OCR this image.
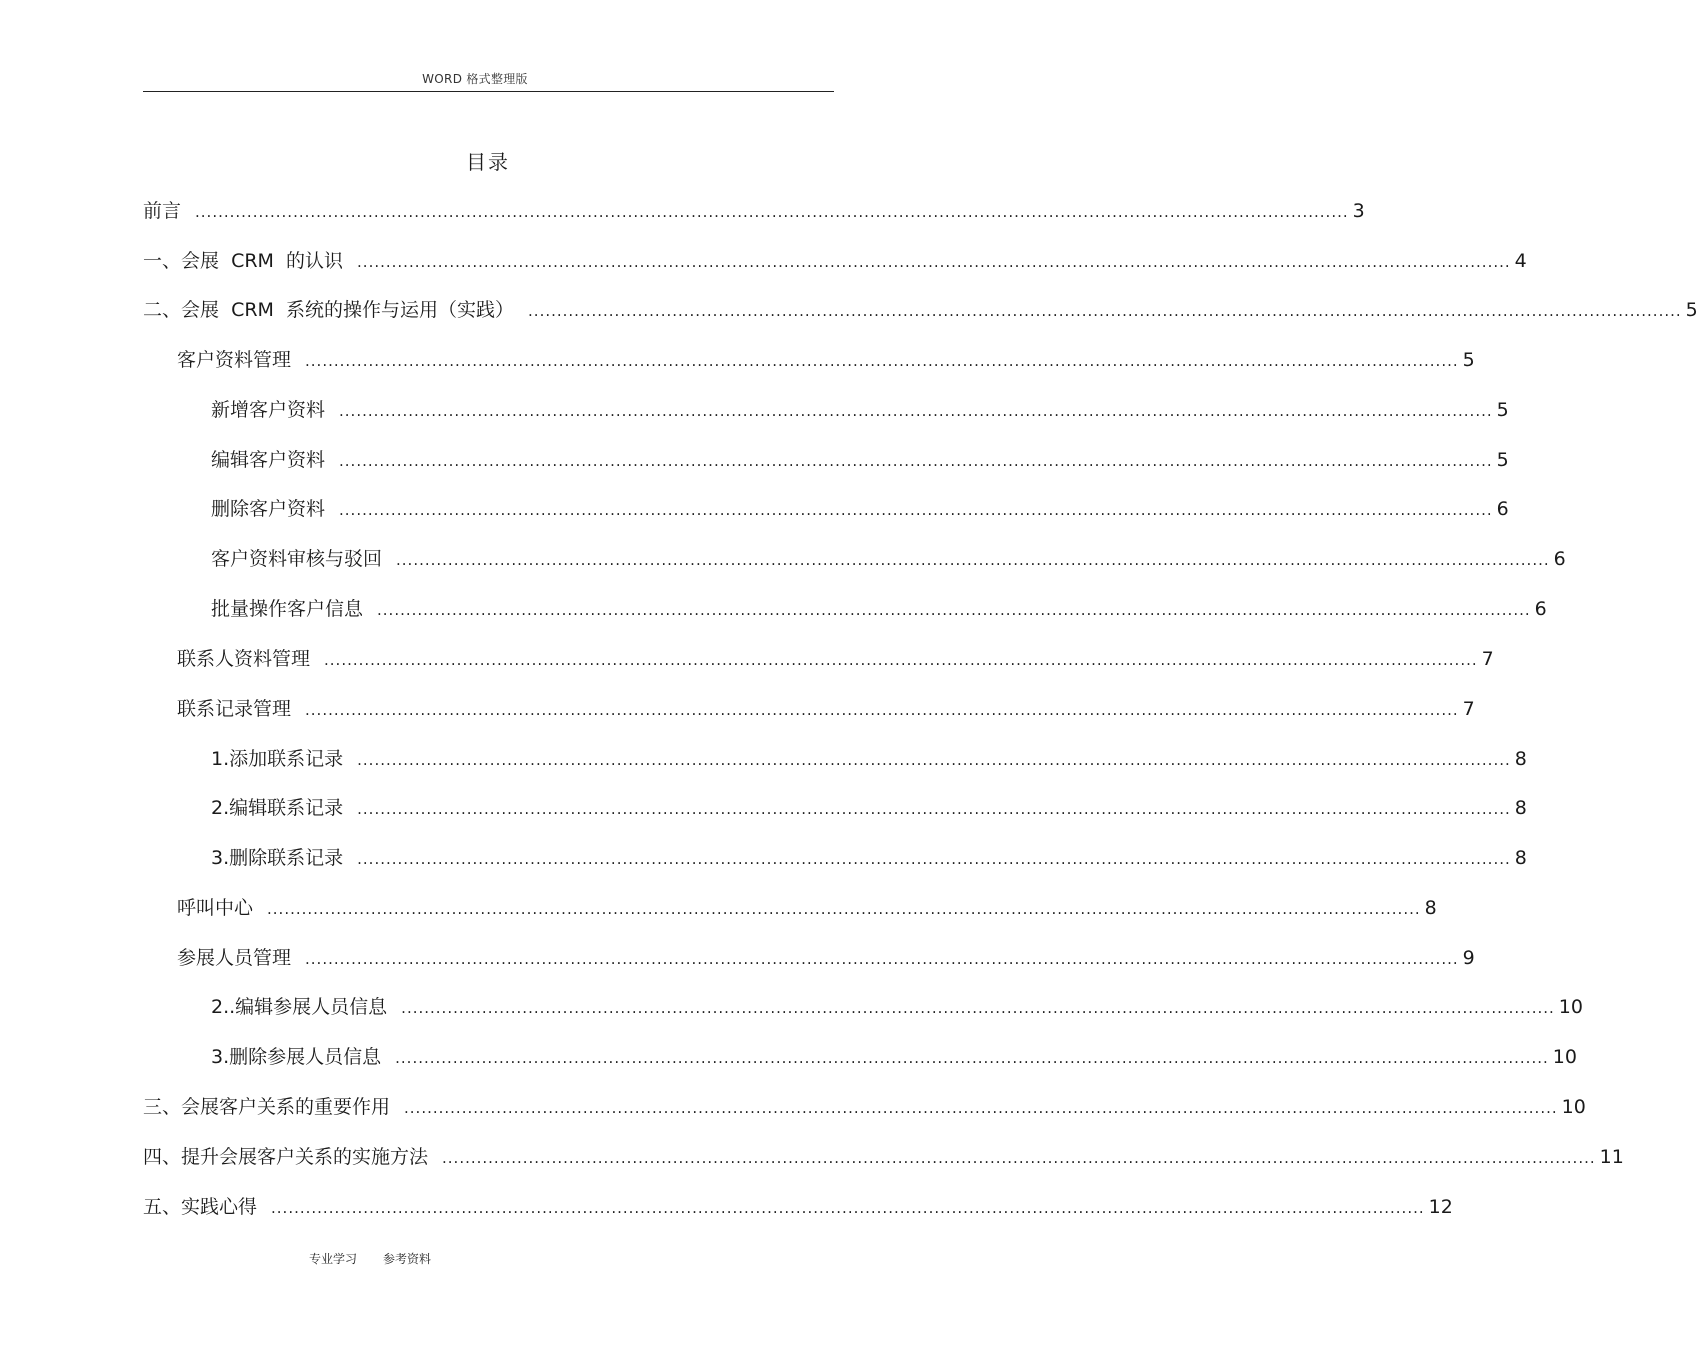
WORD 格式整理版
目录
前言 ........................................................................................................................................................................................................ 3
一、会展  CRM  的认识 ........................................................................................................................................................................................................ 4
二、会展  CRM  系统的操作与运用（实践） ........................................................................................................................................................................................................ 5
客户资料管理 ........................................................................................................................................................................................................ 5
新增客户资料 ........................................................................................................................................................................................................ 5
编辑客户资料 ........................................................................................................................................................................................................ 5
删除客户资料 ........................................................................................................................................................................................................ 6
客户资料审核与驳回 ........................................................................................................................................................................................................ 6
批量操作客户信息 ........................................................................................................................................................................................................ 6
联系人资料管理 ........................................................................................................................................................................................................ 7
联系记录管理 ........................................................................................................................................................................................................ 7
1.添加联系记录 ........................................................................................................................................................................................................ 8
2.编辑联系记录 ........................................................................................................................................................................................................ 8
3.删除联系记录 ........................................................................................................................................................................................................ 8
呼叫中心 ........................................................................................................................................................................................................ 8
参展人员管理 ........................................................................................................................................................................................................ 9
2..编辑参展人员信息 ........................................................................................................................................................................................................ 10
3.删除参展人员信息 ........................................................................................................................................................................................................ 10
三、会展客户关系的重要作用 ........................................................................................................................................................................................................ 10
四、提升会展客户关系的实施方法 ........................................................................................................................................................................................................ 11
五、实践心得 ........................................................................................................................................................................................................ 12
专业学习 参考资料
